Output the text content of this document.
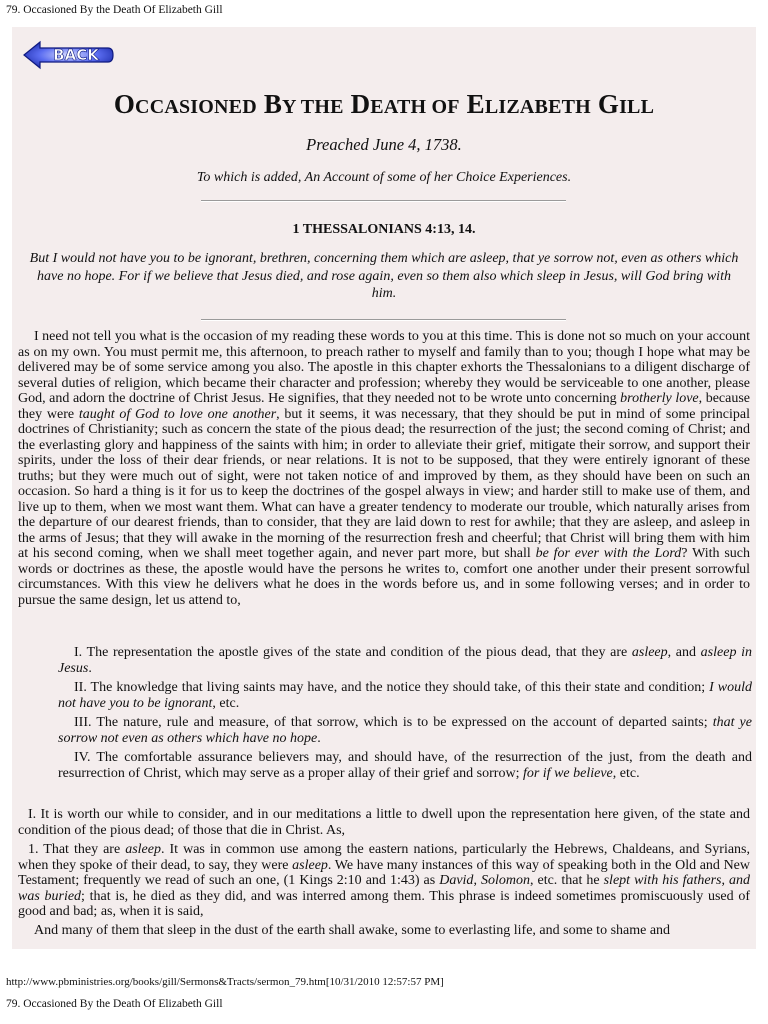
79. Occasioned By the Death Of Elizabeth Gill
BACK
OCCASIONED BY THE DEATH OF ELIZABETH GILL
Preached June 4, 1738.
To which is added, An Account of some of her Choice Experiences.
1 THESSALONIANS 4:13, 14.
But I would not have you to be ignorant, brethren, concerning them which are asleep, that ye sorrow not, even as others which have no hope. For if we believe that Jesus died, and rose again, even so them also which sleep in Jesus, will God bring with him.
I need not tell you what is the occasion of my reading these words to you at this time. This is done not so much on your account as on my own. You must permit me, this afternoon, to preach rather to myself and family than to you; though I hope what may be delivered may be of some service among you also. The apostle in this chapter exhorts the Thessalonians to a diligent discharge of several duties of religion, which became their character and profession; whereby they would be serviceable to one another, please God, and adorn the doctrine of Christ Jesus. He signifies, that they needed not to be wrote unto concerning brotherly love, because they were taught of God to love one another, but it seems, it was necessary, that they should be put in mind of some principal doctrines of Christianity; such as concern the state of the pious dead; the resurrection of the just; the second coming of Christ; and the everlasting glory and happiness of the saints with him; in order to alleviate their grief, mitigate their sorrow, and support their spirits, under the loss of their dear friends, or near relations. It is not to be supposed, that they were entirely ignorant of these truths; but they were much out of sight, were not taken notice of and improved by them, as they should have been on such an occasion. So hard a thing is it for us to keep the doctrines of the gospel always in view; and harder still to make use of them, and live up to them, when we most want them. What can have a greater tendency to moderate our trouble, which naturally arises from the departure of our dearest friends, than to consider, that they are laid down to rest for awhile; that they are asleep, and asleep in the arms of Jesus; that they will awake in the morning of the resurrection fresh and cheerful; that Christ will bring them with him at his second coming, when we shall meet together again, and never part more, but shall be for ever with the Lord? With such words or doctrines as these, the apostle would have the persons he writes to, comfort one another under their present sorrowful circumstances. With this view he delivers what he does in the words before us, and in some following verses; and in order to pursue the same design, let us attend to,
I. The representation the apostle gives of the state and condition of the pious dead, that they are asleep, and asleep in Jesus.
II. The knowledge that living saints may have, and the notice they should take, of this their state and condition; I would not have you to be ignorant, etc.
III. The nature, rule and measure, of that sorrow, which is to be expressed on the account of departed saints; that ye sorrow not even as others which have no hope.
IV. The comfortable assurance believers may, and should have, of the resurrection of the just, from the death and resurrection of Christ, which may serve as a proper allay of their grief and sorrow; for if we believe, etc.
I. It is worth our while to consider, and in our meditations a little to dwell upon the representation here given, of the state and condition of the pious dead; of those that die in Christ. As,
1. That they are asleep. It was in common use among the eastern nations, particularly the Hebrews, Chaldeans, and Syrians, when they spoke of their dead, to say, they were asleep. We have many instances of this way of speaking both in the Old and New Testament; frequently we read of such an one, (1 Kings 2:10 and 1:43) as David, Solomon, etc. that he slept with his fathers, and was buried; that is, he died as they did, and was interred among them. This phrase is indeed sometimes promiscuously used of good and bad; as, when it is said,
And many of them that sleep in the dust of the earth shall awake, some to everlasting life, and some to shame and
http://www.pbministries.org/books/gill/Sermons&Tracts/sermon_79.htm[10/31/2010 12:57:57 PM]
79. Occasioned By the Death Of Elizabeth Gill
